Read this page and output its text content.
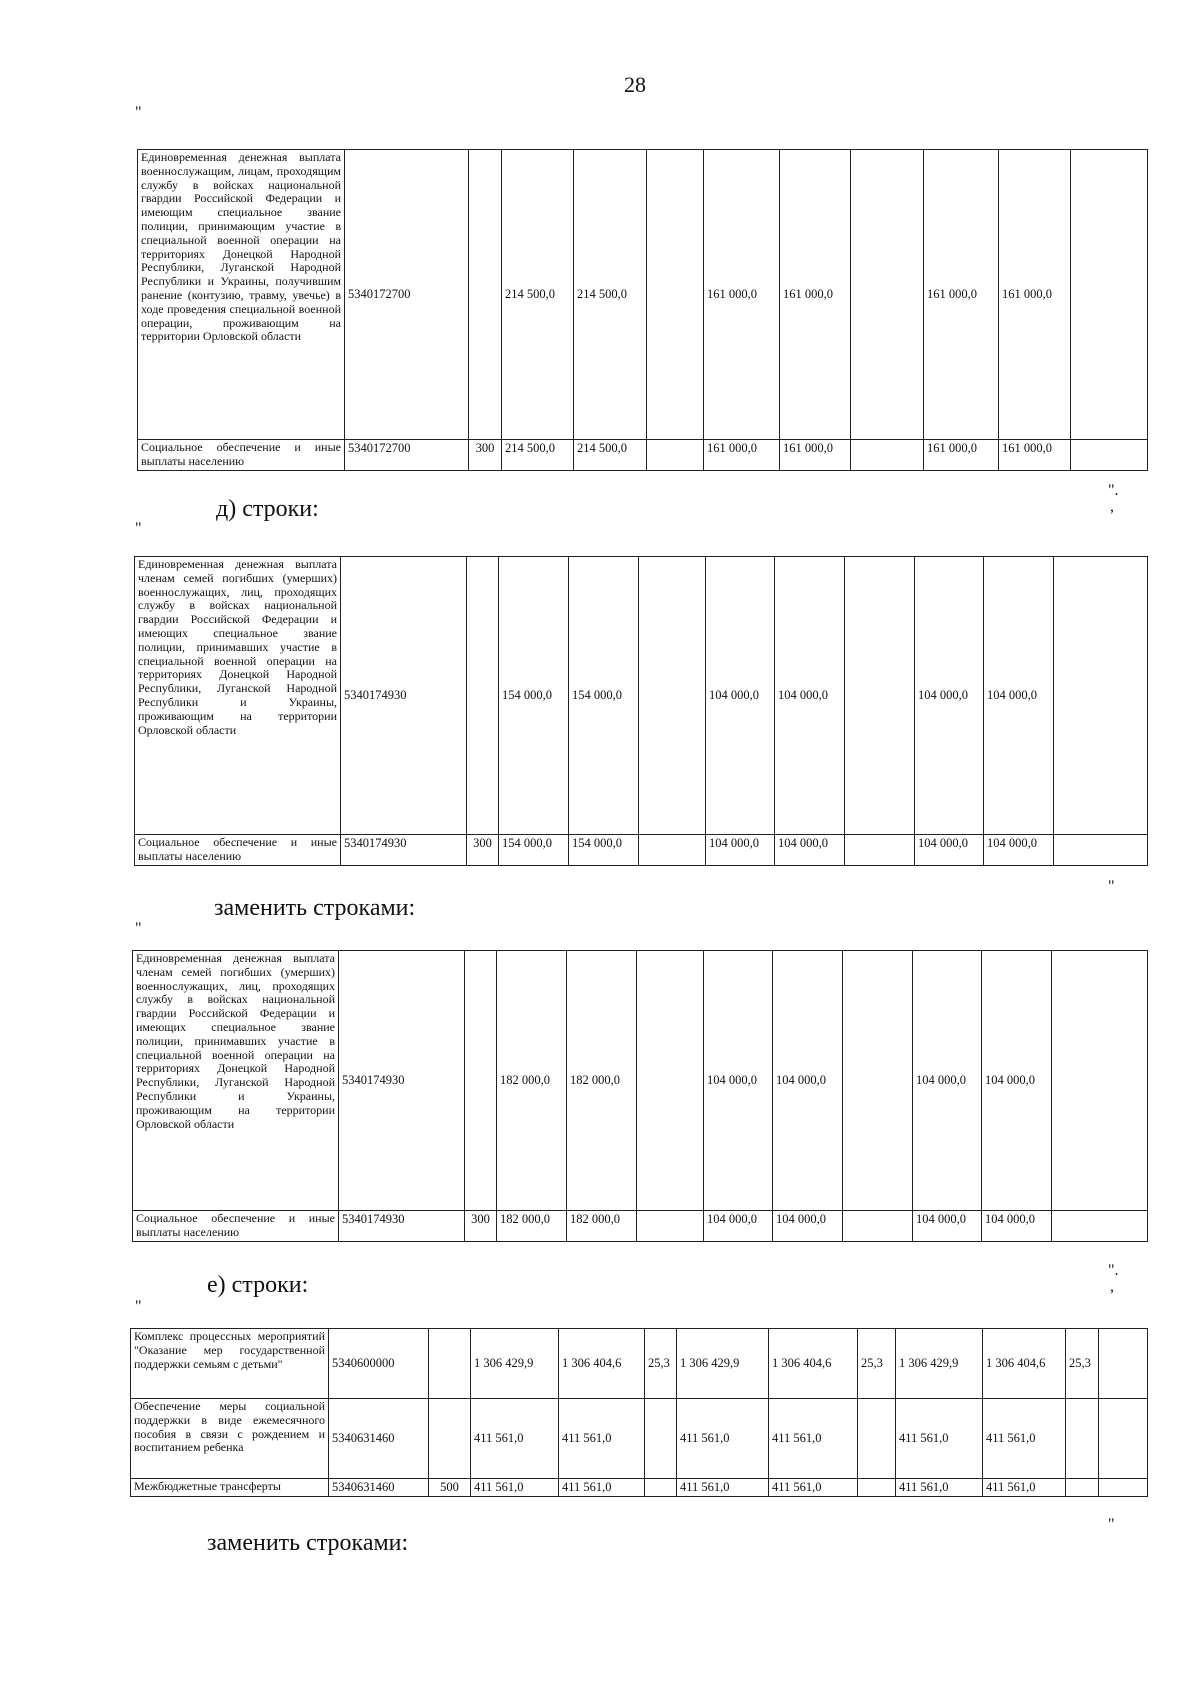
28
"
Единовременная денежная выплата военнослужащим, лицам, проходящим службу в войсках национальной гвардии Российской Федерации и имеющим специальное звание полиции, принимающим участие в специальной военной операции на территориях Донецкой Народной Республики, Луганской Народной Республики и Украины, получившим ранение (контузию, травму, увечье) в ходе проведения специальной военной операции, проживающим на территории Орловской области	5340172700		214 500,0	214 500,0		161 000,0	161 000,0		161 000,0	161 000,0		
Социальное обеспечение и иные выплаты населению	5340172700	300	214 500,0	214 500,0		161 000,0	161 000,0		161 000,0	161 000,0		
".
,
д) строки:
"
Единовременная денежная выплата членам семей погибших (умерших) военнослужащих, лиц, проходящих службу в войсках национальной гвардии Российской Федерации и имеющих специальное звание полиции, принимавших участие в специальной военной операции на территориях Донецкой Народной Республики, Луганской Народной Республики и Украины, проживающим на территории Орловской области	5340174930		154 000,0	154 000,0		104 000,0	104 000,0		104 000,0	104 000,0		
Социальное обеспечение и иные выплаты населению	5340174930	300	154 000,0	154 000,0		104 000,0	104 000,0		104 000,0	104 000,0		
"
заменить строками:
"
Единовременная денежная выплата членам семей погибших (умерших) военнослужащих, лиц, проходящих службу в войсках национальной гвардии Российской Федерации и имеющих специальное звание полиции, принимавших участие в специальной военной операции на территориях Донецкой Народной Республики, Луганской Народной Республики и Украины, проживающим на территории Орловской области	5340174930		182 000,0	182 000,0		104 000,0	104 000,0		104 000,0	104 000,0		
Социальное обеспечение и иные выплаты населению	5340174930	300	182 000,0	182 000,0		104 000,0	104 000,0		104 000,0	104 000,0		
".
,
е) строки:
"
Комплекс процессных мероприятий "Оказание мер государственной поддержки семьям с детьми"	5340600000		1 306 429,9	1 306 404,6	25,3	1 306 429,9	1 306 404,6	25,3	1 306 429,9	1 306 404,6	25,3	
Обеспечение меры социальной поддержки в виде ежемесячного пособия в связи с рождением и воспитанием ребенка	5340631460		411 561,0	411 561,0		411 561,0	411 561,0		411 561,0	411 561,0		
Межбюджетные трансферты	5340631460	500	411 561,0	411 561,0		411 561,0	411 561,0		411 561,0	411 561,0		
"
заменить строками:
